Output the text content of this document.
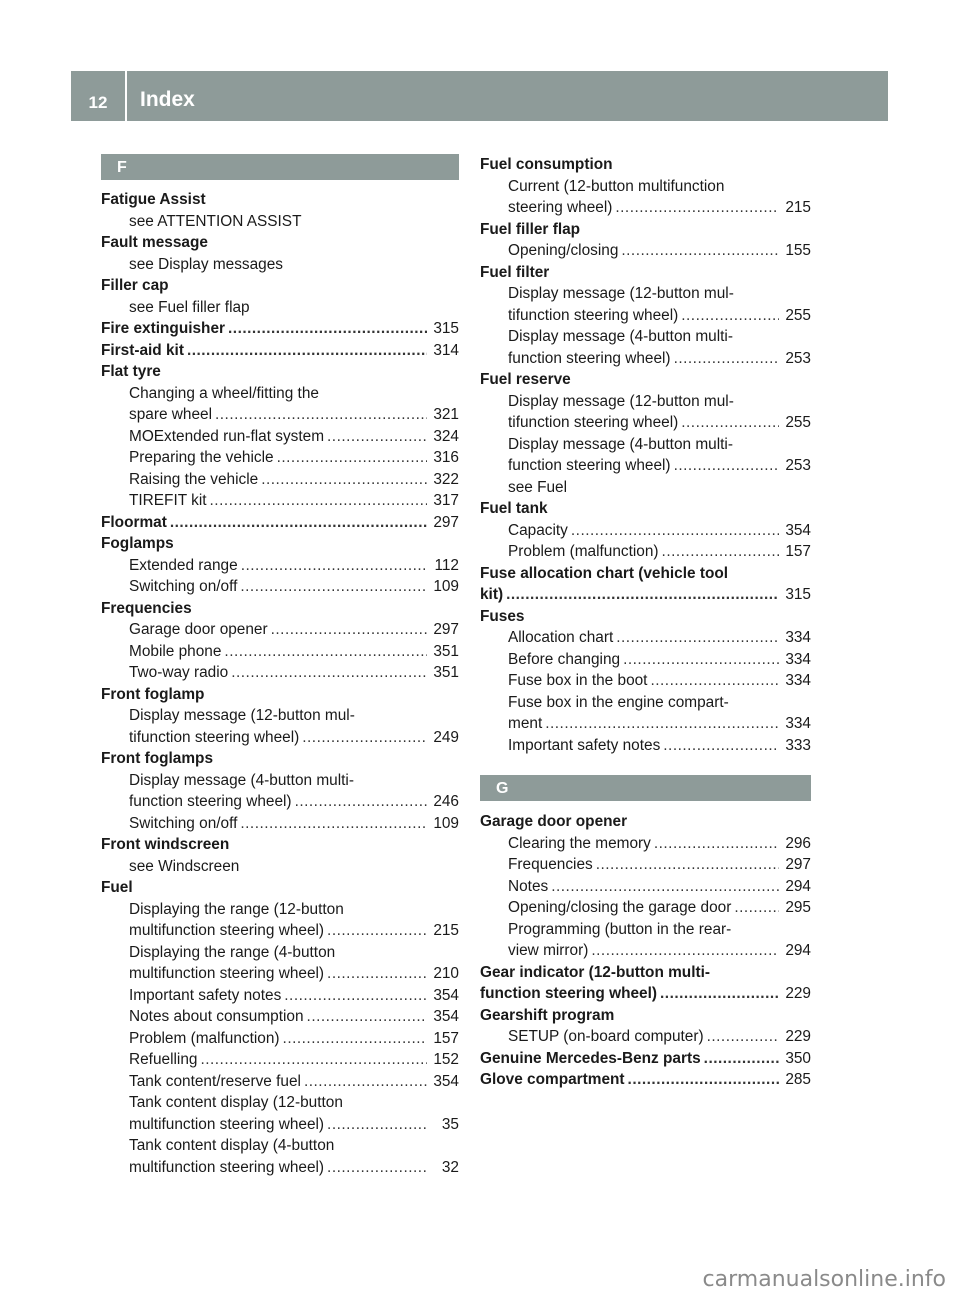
12	Index
F
Fatigue Assist
see ATTENTION ASSIST
Fault message
see Display messages
Filler cap
see Fuel filler flap
Fire extinguisher .....	315
First-aid kit .....	314
Flat tyre
Changing a wheel/fitting the
spare wheel .....	321
MOExtended run-flat system .....	324
Preparing the vehicle .....	316
Raising the vehicle .....	322
TIREFIT kit .....	317
Floormat .....	297
Foglamps
Extended range .....	112
Switching on/off .....	109
Frequencies
Garage door opener .....	297
Mobile phone .....	351
Two-way radio .....	351
Front foglamp
Display message (12-button mul-
tifunction steering wheel) .....	249
Front foglamps
Display message (4-button multi-
function steering wheel) .....	246
Switching on/off .....	109
Front windscreen
see Windscreen
Fuel
Displaying the range (12-button
multifunction steering wheel) .....	215
Displaying the range (4-button
multifunction steering wheel) .....	210
Important safety notes .....	354
Notes about consumption .....	354
Problem (malfunction) .....	157
Refuelling .....	152
Tank content/reserve fuel .....	354
Tank content display (12-button
multifunction steering wheel) .....	35
Tank content display (4-button
multifunction steering wheel) .....	32
Fuel consumption
Current (12-button multifunction
steering wheel) .....	215
Fuel filler flap
Opening/closing .....	155
Fuel filter
Display message (12-button mul-
tifunction steering wheel) .....	255
Display message (4-button multi-
function steering wheel) .....	253
Fuel reserve
Display message (12-button mul-
tifunction steering wheel) .....	255
Display message (4-button multi-
function steering wheel) .....	253
see Fuel
Fuel tank
Capacity .....	354
Problem (malfunction) .....	157
Fuse allocation chart (vehicle tool
kit) .....	315
Fuses
Allocation chart .....	334
Before changing .....	334
Fuse box in the boot .....	334
Fuse box in the engine compart-
ment .....	334
Important safety notes .....	333
G
Garage door opener
Clearing the memory .....	296
Frequencies .....	297
Notes .....	294
Opening/closing the garage door .....	295
Programming (button in the rear-
view mirror) .....	294
Gear indicator (12-button multi-
function steering wheel) .....	229
Gearshift program
SETUP (on-board computer) .....	229
Genuine Mercedes-Benz parts .....	350
Glove compartment .....	285
carmanualsonline.info
